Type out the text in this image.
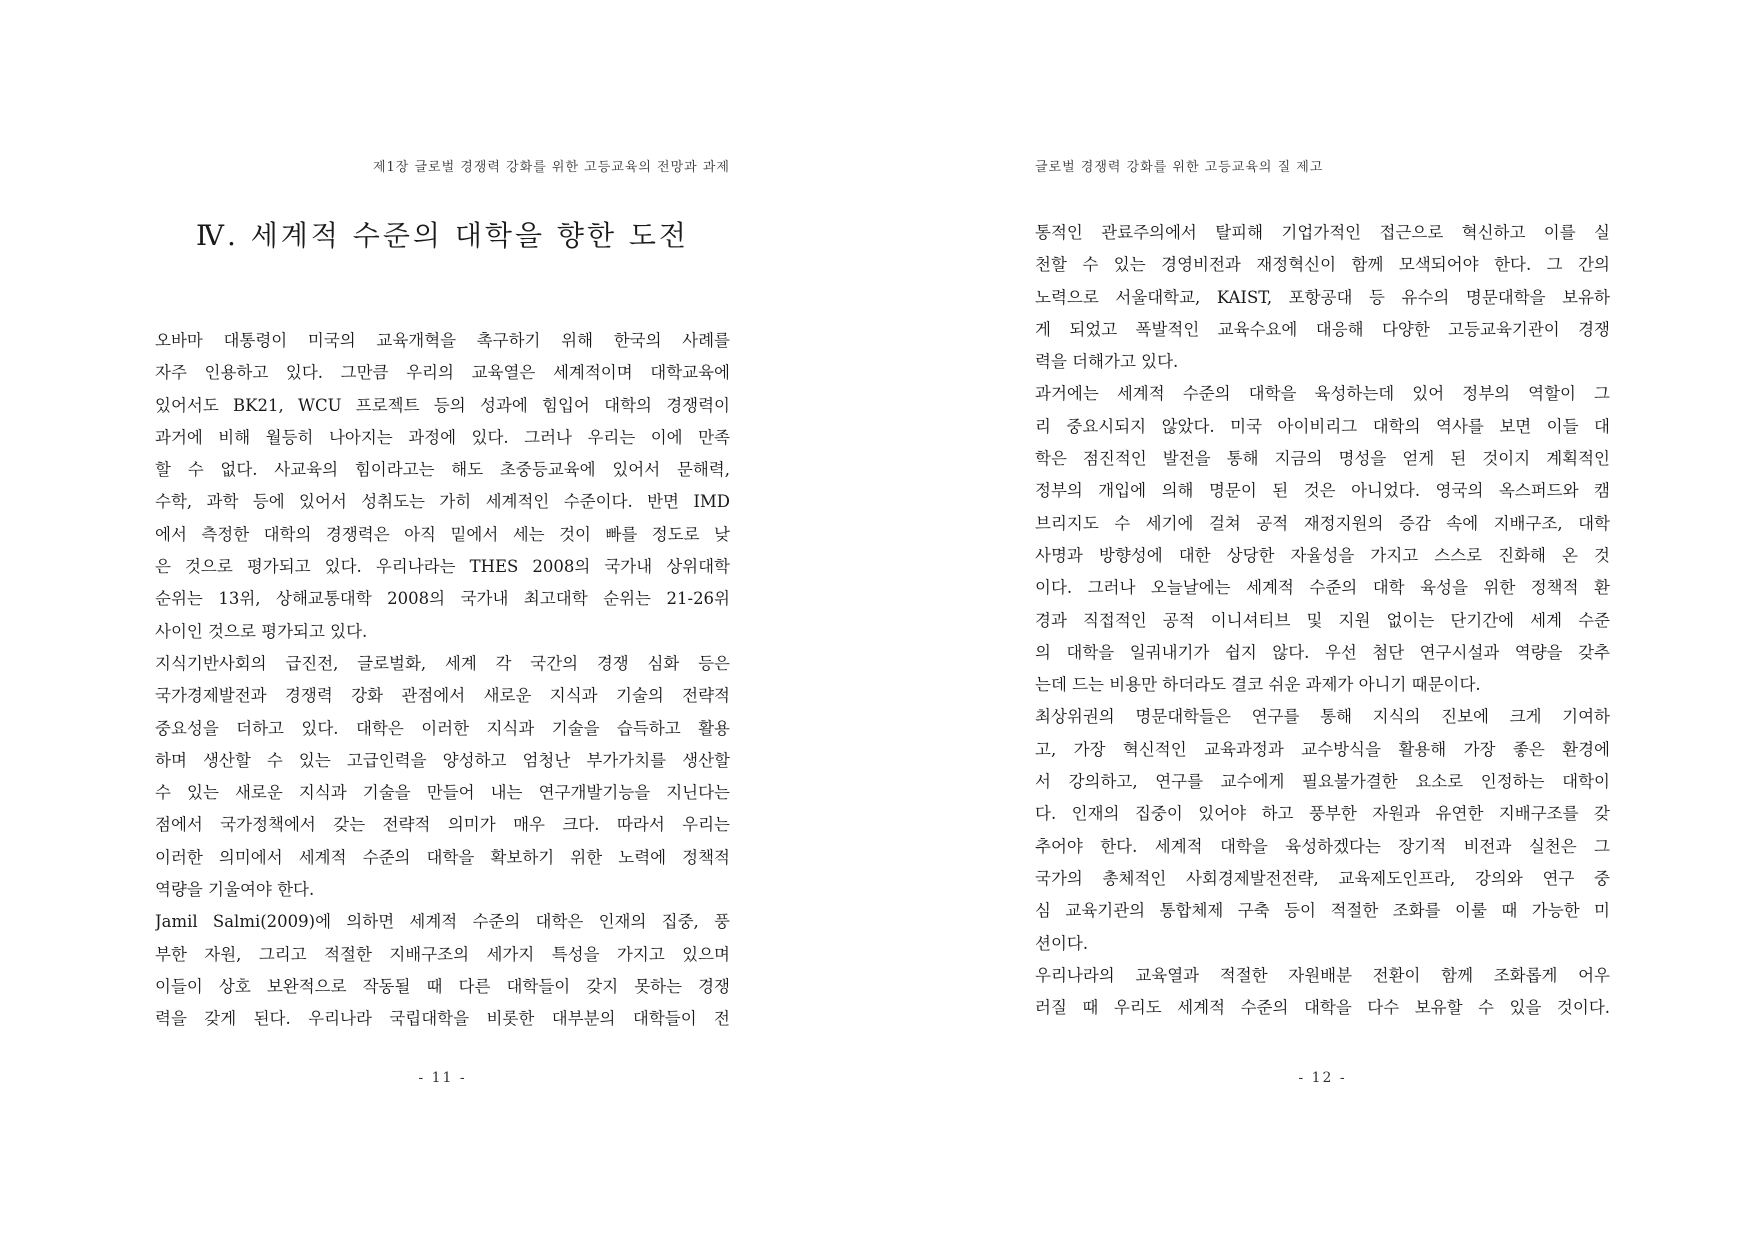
제1장 글로벌 경쟁력 강화를 위한 고등교육의 전망과 과제
Ⅳ. 세계적 수준의 대학을 향한 도전
오바마 대통령이 미국의 교육개혁을 촉구하기 위해 한국의 사례를
자주 인용하고 있다. 그만큼 우리의 교육열은 세계적이며 대학교육에
있어서도 BK21, WCU 프로젝트 등의 성과에 힘입어 대학의 경쟁력이
과거에 비해 월등히 나아지는 과정에 있다. 그러나 우리는 이에 만족
할 수 없다. 사교육의 힘이라고는 해도 초중등교육에 있어서 문해력,
수학, 과학 등에 있어서 성취도는 가히 세계적인 수준이다. 반면 IMD
에서 측정한 대학의 경쟁력은 아직 밑에서 세는 것이 빠를 정도로 낮
은 것으로 평가되고 있다. 우리나라는 THES 2008의 국가내 상위대학
순위는 13위, 상해교통대학 2008의 국가내 최고대학 순위는 21-26위
사이인 것으로 평가되고 있다.
지식기반사회의 급진전, 글로벌화, 세계 각 국간의 경쟁 심화 등은
국가경제발전과 경쟁력 강화 관점에서 새로운 지식과 기술의 전략적
중요성을 더하고 있다. 대학은 이러한 지식과 기술을 습득하고 활용
하며 생산할 수 있는 고급인력을 양성하고 엄청난 부가가치를 생산할
수 있는 새로운 지식과 기술을 만들어 내는 연구개발기능을 지닌다는
점에서 국가정책에서 갖는 전략적 의미가 매우 크다. 따라서 우리는
이러한 의미에서 세계적 수준의 대학을 확보하기 위한 노력에 정책적
역량을 기울여야 한다.
Jamil Salmi(2009)에 의하면 세계적 수준의 대학은 인재의 집중, 풍
부한 자원, 그리고 적절한 지배구조의 세가지 특성을 가지고 있으며
이들이 상호 보완적으로 작동될 때 다른 대학들이 갖지 못하는 경쟁
력을 갖게 된다. 우리나라 국립대학을 비롯한 대부분의 대학들이 전
- 11 -
글로벌 경쟁력 강화를 위한 고등교육의 질 제고
통적인 관료주의에서 탈피해 기업가적인 접근으로 혁신하고 이를 실
천할 수 있는 경영비전과 재정혁신이 함께 모색되어야 한다. 그 간의
노력으로 서울대학교, KAIST, 포항공대 등 유수의 명문대학을 보유하
게 되었고 폭발적인 교육수요에 대응해 다양한 고등교육기관이 경쟁
력을 더해가고 있다.
과거에는 세계적 수준의 대학을 육성하는데 있어 정부의 역할이 그
리 중요시되지 않았다. 미국 아이비리그 대학의 역사를 보면 이들 대
학은 점진적인 발전을 통해 지금의 명성을 얻게 된 것이지 계획적인
정부의 개입에 의해 명문이 된 것은 아니었다. 영국의 옥스퍼드와 캠
브리지도 수 세기에 걸쳐 공적 재정지원의 증감 속에 지배구조, 대학
사명과 방향성에 대한 상당한 자율성을 가지고 스스로 진화해 온 것
이다. 그러나 오늘날에는 세계적 수준의 대학 육성을 위한 정책적 환
경과 직접적인 공적 이니셔티브 및 지원 없이는 단기간에 세계 수준
의 대학을 일궈내기가 쉽지 않다. 우선 첨단 연구시설과 역량을 갖추
는데 드는 비용만 하더라도 결코 쉬운 과제가 아니기 때문이다.
최상위권의 명문대학들은 연구를 통해 지식의 진보에 크게 기여하
고, 가장 혁신적인 교육과정과 교수방식을 활용해 가장 좋은 환경에
서 강의하고, 연구를 교수에게 필요불가결한 요소로 인정하는 대학이
다. 인재의 집중이 있어야 하고 풍부한 자원과 유연한 지배구조를 갖
추어야 한다. 세계적 대학을 육성하겠다는 장기적 비전과 실천은 그
국가의 총체적인 사회경제발전전략, 교육제도인프라, 강의와 연구 중
심 교육기관의 통합체제 구축 등이 적절한 조화를 이룰 때 가능한 미
션이다.
우리나라의 교육열과 적절한 자원배분 전환이 함께 조화롭게 어우
러질 때 우리도 세계적 수준의 대학을 다수 보유할 수 있을 것이다.
- 12 -
